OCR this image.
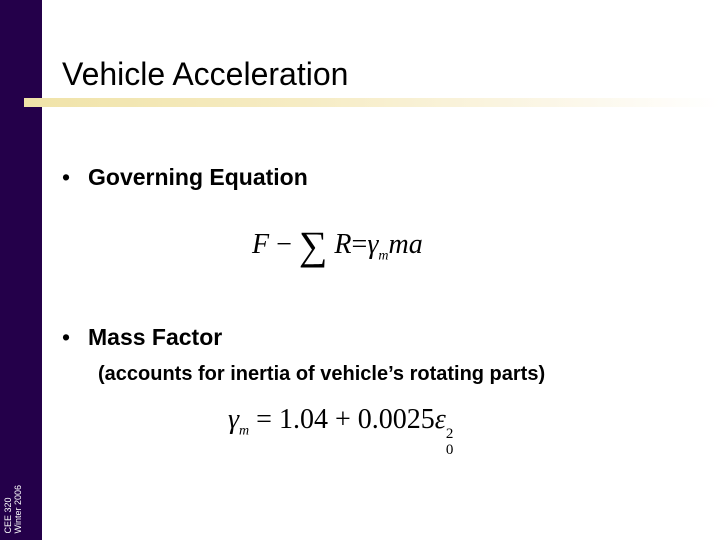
CEE 320
Winter 2006
Vehicle Acceleration
• Governing Equation
F − ∑ $R=\gamma_mma$
• Mass Factor
(accounts for inertia of vehicle’s rotating parts)
$\gamma_m = 1.04 + 0.0025\varepsilon$ 2
0
